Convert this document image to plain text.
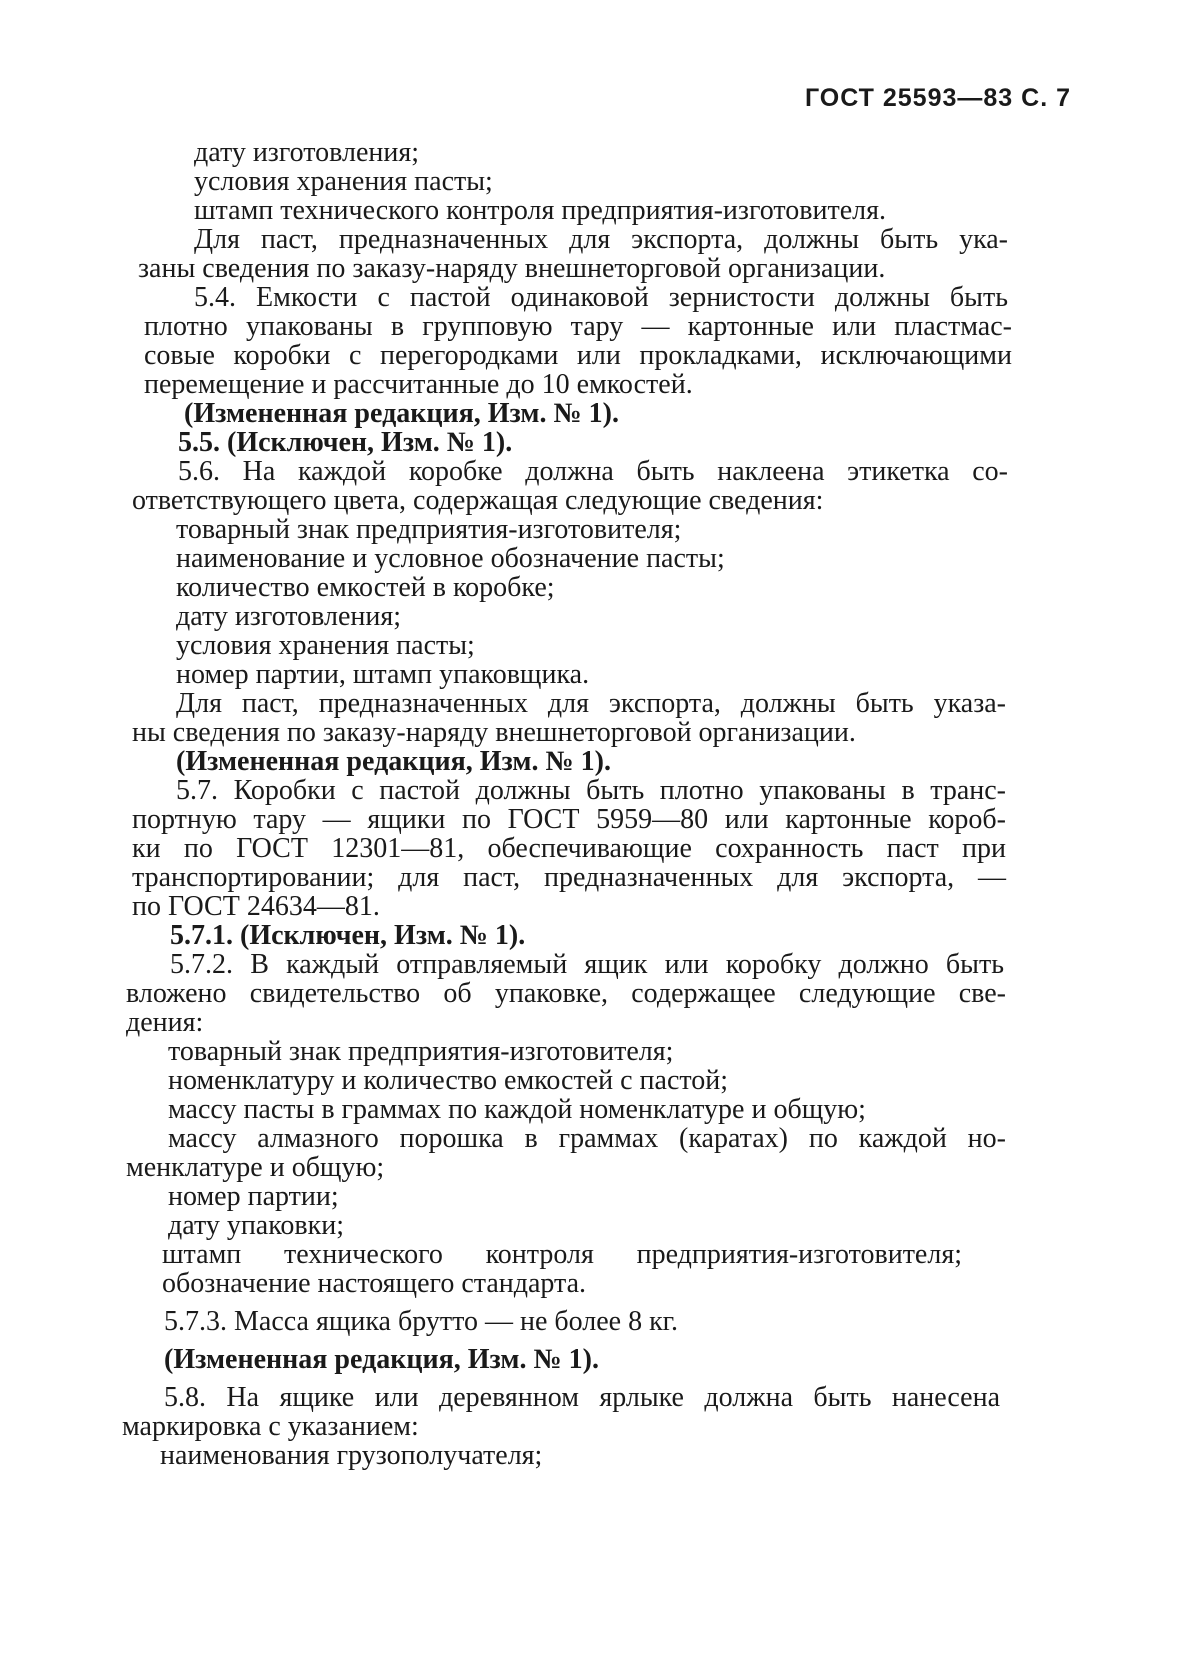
ГОСТ 25593—83 С. 7
дату изготовления;
условия хранения пасты;
штамп технического контроля предприятия-изготовителя.
Для паст, предназначенных для экспорта, должны быть ука-
заны сведения по заказу-наряду внешнеторговой организации.
5.4. Емкости с пастой одинаковой зернистости должны быть
плотно упакованы в групповую тару — картонные или пластмас-
совые коробки с перегородками или прокладками, исключающими
перемещение и рассчитанные до 10 емкостей.
(Измененная редакция, Изм. № 1).
5.5. (Исключен, Изм. № 1).
5.6. На каждой коробке должна быть наклеена этикетка со-
ответствующего цвета, содержащая следующие сведения:
товарный знак предприятия-изготовителя;
наименование и условное обозначение пасты;
количество емкостей в коробке;
дату изготовления;
условия хранения пасты;
номер партии, штамп упаковщика.
Для паст, предназначенных для экспорта, должны быть указа-
ны сведения по заказу-наряду внешнеторговой организации.
(Измененная редакция, Изм. № 1).
5.7. Коробки с пастой должны быть плотно упакованы в транс-
портную тару — ящики по ГОСТ 5959—80 или картонные короб-
ки по ГОСТ 12301—81, обеспечивающие сохранность паст при
транспортировании; для паст, предназначенных для экспорта, —
по ГОСТ 24634—81.
5.7.1. (Исключен, Изм. № 1).
5.7.2. В каждый отправляемый ящик или коробку должно быть
вложено свидетельство об упаковке, содержащее следующие све-
дения:
товарный знак предприятия-изготовителя;
номенклатуру и количество емкостей с пастой;
массу пасты в граммах по каждой номенклатуре и общую;
массу алмазного порошка в граммах (каратах) по каждой но-
менклатуре и общую;
номер партии;
дату упаковки;
штамп технического контроля предприятия-изготовителя;
обозначение настоящего стандарта.
5.7.3. Масса ящика брутто — не более 8 кг.
(Измененная редакция, Изм. № 1).
5.8. На ящике или деревянном ярлыке должна быть нанесена
маркировка с указанием:
наименования грузополучателя;
